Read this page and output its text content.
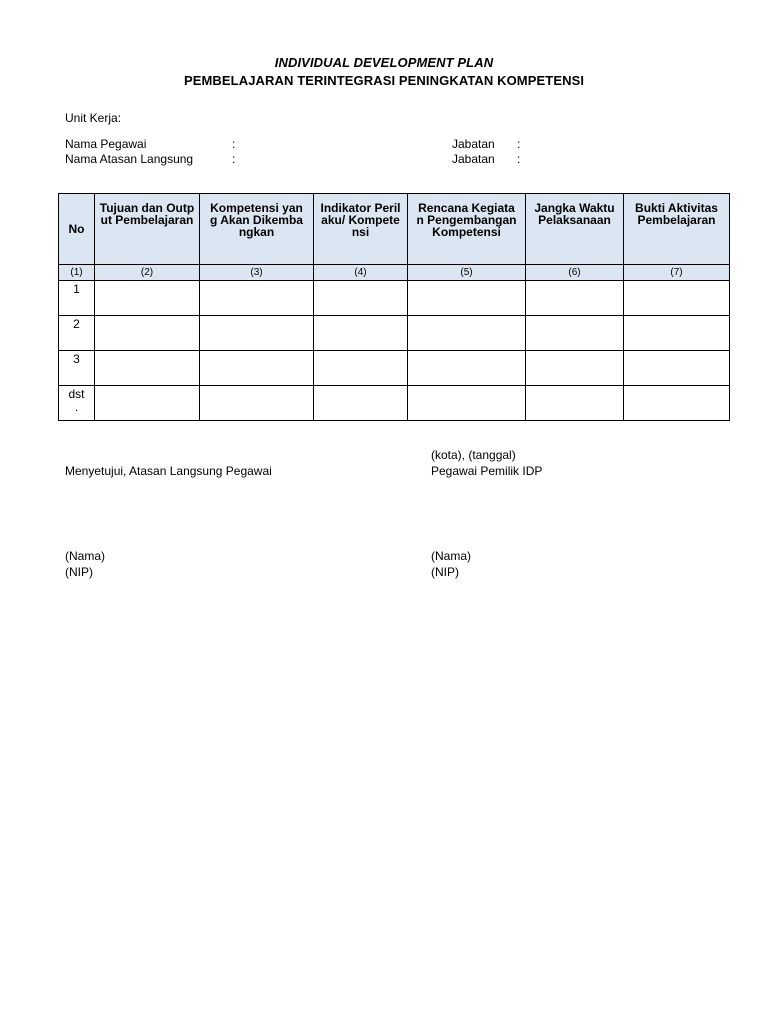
INDIVIDUAL DEVELOPMENT PLAN
PEMBELAJARAN TERINTEGRASI PENINGKATAN KOMPETENSI
Unit Kerja:
Nama Pegawai	:	Jabatan :
Nama Atasan Langsung	:	Jabatan :
No	Tujuan dan Output Pembelajaran	Kompetensi yang Akan Dikembangkan	Indikator Perilaku/ Kompetensi	Rencana Kegiatan Pengembangan Kompetensi	Jangka Waktu Pelaksanaan	Bukti Aktivitas Pembelajaran
(1)	(2)	(3)	(4)	(5)	(6)	(7)
1						
2						
3						

dst
.						

(kota), (tanggal)
Menyetujui, Atasan Langsung Pegawai	Pegawai Pemilik IDP
(Nama)
(NIP)
(Nama)
(NIP)
